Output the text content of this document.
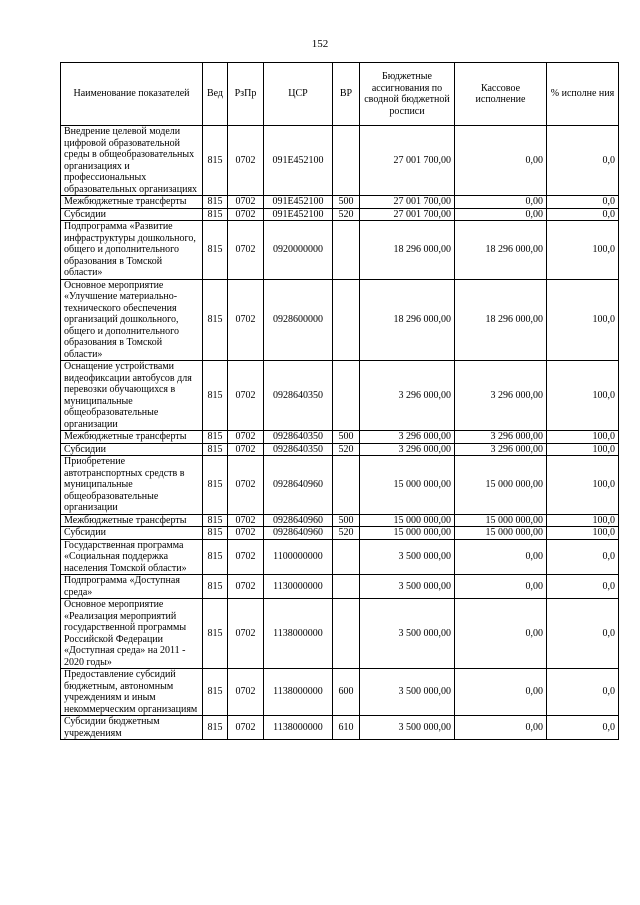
152
Наименование показателей	Вед	РзПр	ЦСР	ВР	Бюджетные ассигнования по сводной бюджетной росписи	Кассовое исполнение	% исполне ния
Внедрение целевой модели цифровой образовательной среды в общеобразовательных организациях и профессиональных образовательных организациях	815	0702	091E452100		27 001 700,00	0,00	0,0
Межбюджетные трансферты	815	0702	091E452100	500	27 001 700,00	0,00	0,0
Субсидии	815	0702	091E452100	520	27 001 700,00	0,00	0,0
Подпрограмма «Развитие инфраструктуры дошкольного, общего и дополнительного образования в Томской области»	815	0702	0920000000		18 296 000,00	18 296 000,00	100,0
Основное мероприятие «Улучшение материально-технического обеспечения организаций дошкольного, общего и дополнительного образования в Томской области»	815	0702	0928600000		18 296 000,00	18 296 000,00	100,0
Оснащение устройствами видеофиксации автобусов для перевозки обучающихся в муниципальные общеобразовательные организации	815	0702	0928640350		3 296 000,00	3 296 000,00	100,0
Межбюджетные трансферты	815	0702	0928640350	500	3 296 000,00	3 296 000,00	100,0
Субсидии	815	0702	0928640350	520	3 296 000,00	3 296 000,00	100,0
Приобретение автотранспортных средств в муниципальные общеобразовательные организации	815	0702	0928640960		15 000 000,00	15 000 000,00	100,0
Межбюджетные трансферты	815	0702	0928640960	500	15 000 000,00	15 000 000,00	100,0
Субсидии	815	0702	0928640960	520	15 000 000,00	15 000 000,00	100,0
Государственная программа «Социальная поддержка населения Томской области»	815	0702	1100000000		3 500 000,00	0,00	0,0
Подпрограмма «Доступная среда»	815	0702	1130000000		3 500 000,00	0,00	0,0
Основное мероприятие «Реализация мероприятий государственной программы Российской Федерации «Доступная среда» на 2011 - 2020 годы»	815	0702	1138000000		3 500 000,00	0,00	0,0
Предоставление субсидий бюджетным, автономным учреждениям и иным некоммерческим организациям	815	0702	1138000000	600	3 500 000,00	0,00	0,0
Субсидии бюджетным учреждениям	815	0702	1138000000	610	3 500 000,00	0,00	0,0
